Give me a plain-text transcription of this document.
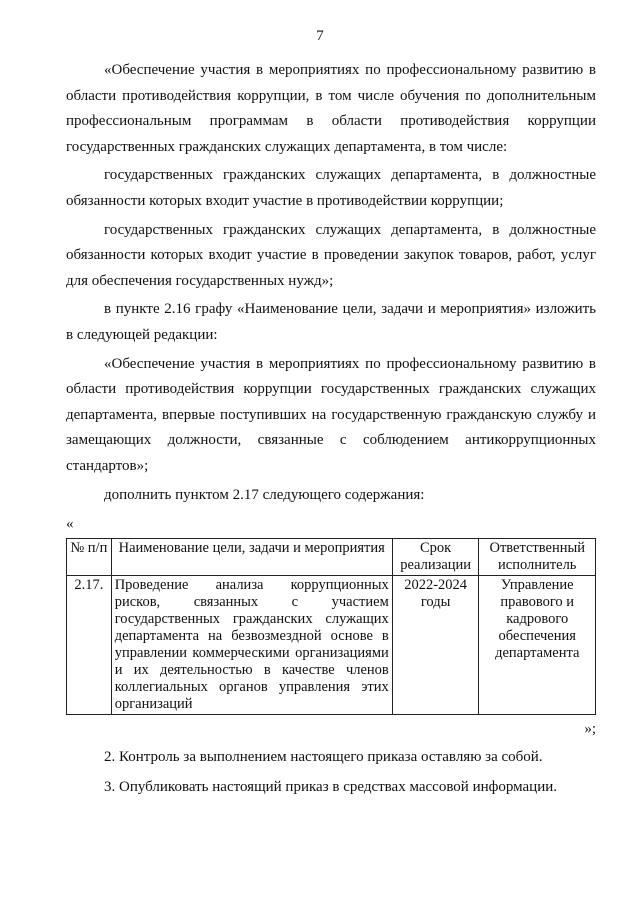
7

«Обеспечение участия в мероприятиях по профессиональному развитию в области противодействия коррупции, в том числе обучения по дополнительным профессиональным программам в области противодействия коррупции государственных гражданских служащих департамента, в том числе:

государственных гражданских служащих департамента, в должностные обязанности которых входит участие в противодействии коррупции;

государственных гражданских служащих департамента, в должностные обязанности которых входит участие в проведении закупок товаров, работ, услуг для обеспечения государственных нужд»;

в пункте 2.16 графу «Наименование цели, задачи и мероприятия» изложить в следующей редакции:

«Обеспечение участия в мероприятиях по профессиональному развитию в области противодействия коррупции государственных гражданских служащих департамента, впервые поступивших на государственную гражданскую службу и замещающих должности, связанные с соблюдением антикоррупционных стандартов»;

дополнить пунктом 2.17 следующего содержания:

«
№ п/п	Наименование цели, задачи и мероприятия	Срок реализации	Ответственный исполнитель
2.17.	Проведение анализа коррупционных рисков, связанных с участием государственных гражданских служащих департамента на безвозмездной основе в управлении коммерческими организациями и их деятельностью в качестве членов коллегиальных органов управления этих организаций	2022-2024 годы	Управление правового и кадрового обеспечения департамента
»;

2. Контроль за выполнением настоящего приказа оставляю за собой.

3. Опубликовать настоящий приказ в средствах массовой информации.
